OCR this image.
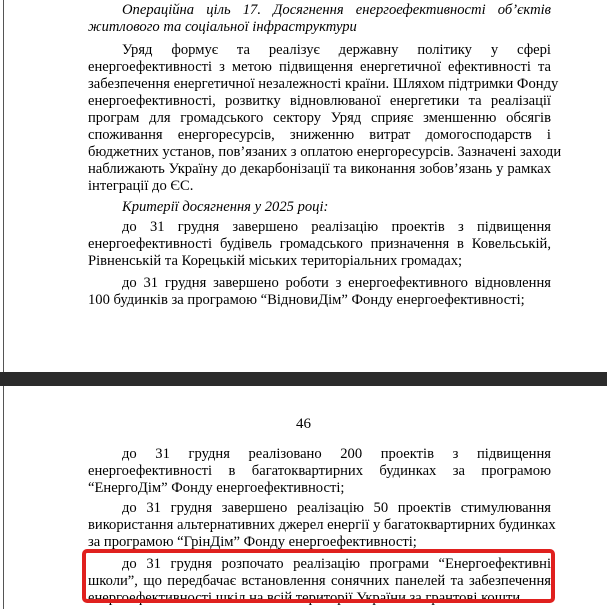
Операційна ціль 17. Досягнення енергоефективності об’єктів

житлового та соціальної інфраструктури

Уряд формує та реалізує державну політику у сфері

енергоефективності з метою підвищення енергетичної ефективності та

забезпечення енергетичної незалежності країни. Шляхом підтримки Фонду

енергоефективності, розвитку відновлюваної енергетики та реалізації

програм для громадського сектору Уряд сприяє зменшенню обсягів

споживання енергоресурсів, зниженню витрат домогосподарств і

бюджетних установ, пов’язаних з оплатою енергоресурсів. Зазначені заходи

наближають Україну до декарбонізації та виконання зобов’язань у рамках

інтеграції до ЄС.

Критерії досягнення у 2025 році:

до 31 грудня завершено реалізацію проектів з підвищення

енергоефективності будівель громадського призначення в Ковельській,

Рівненській та Корецькій міських територіальних громадах;

до 31 грудня завершено роботи з енергоефективного відновлення

100 будинків за програмою “ВідновиДім” Фонду енергоефективності;

46

до 31 грудня реалізовано 200 проектів з підвищення

енергоефективності в багатоквартирних будинках за програмою

“ЕнергоДім” Фонду енергоефективності;

до 31 грудня завершено реалізацію 50 проектів стимулювання

використання альтернативних джерел енергії у багатоквартирних будинках

за програмою “ГрінДім” Фонду енергоефективності;

до 31 грудня розпочато реалізацію програми “Енергоефективні

школи”, що передбачає встановлення сонячних панелей та забезпечення

енергоефективності шкіл на всій території України за грантові кошти.
